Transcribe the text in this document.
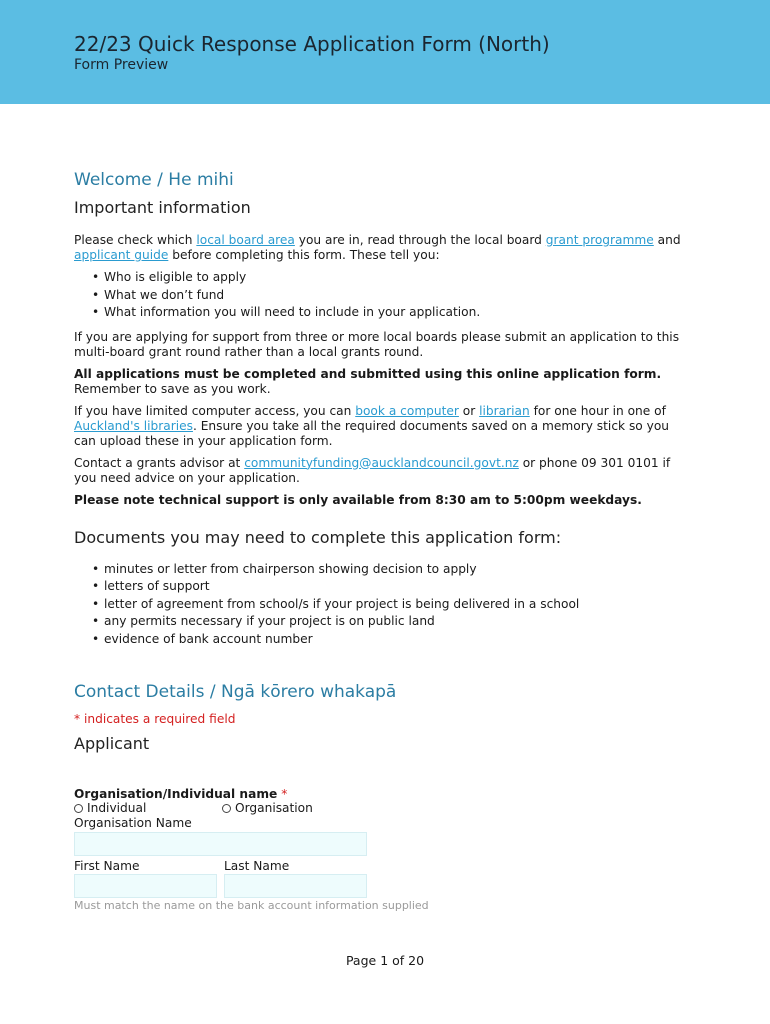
22/23 Quick Response Application Form (North)
Form Preview
Welcome / He mihi
Important information

Please check which local board area you are in, read through the local board grant programme and applicant guide before completing this form. These tell you:

• Who is eligible to apply
• What we don’t fund
• What information you will need to include in your application.

If you are applying for support from three or more local boards please submit an application to this multi-board grant round rather than a local grants round.

All applications must be completed and submitted using this online application form. Remember to save as you work.

If you have limited computer access, you can book a computer or librarian for one hour in one of Auckland's libraries. Ensure you take all the required documents saved on a memory stick so you can upload these in your application form.

Contact a grants advisor at communityfunding@aucklandcouncil.govt.nz or phone 09 301 0101 if you need advice on your application.

Please note technical support is only available from 8:30 am to 5:00pm weekdays.

Documents you may need to complete this application form:
• minutes or letter from chairperson showing decision to apply
• letters of support
• letter of agreement from school/s if your project is being delivered in a school
• any permits necessary if your project is on public land
• evidence of bank account number
Contact Details / Ngā kōrero whakapā
* indicates a required field
Applicant
Organisation/Individual name *
Individual	Organisation
Organisation Name
First Name	Last Name
Must match the name on the bank account information supplied
Page 1 of 20
